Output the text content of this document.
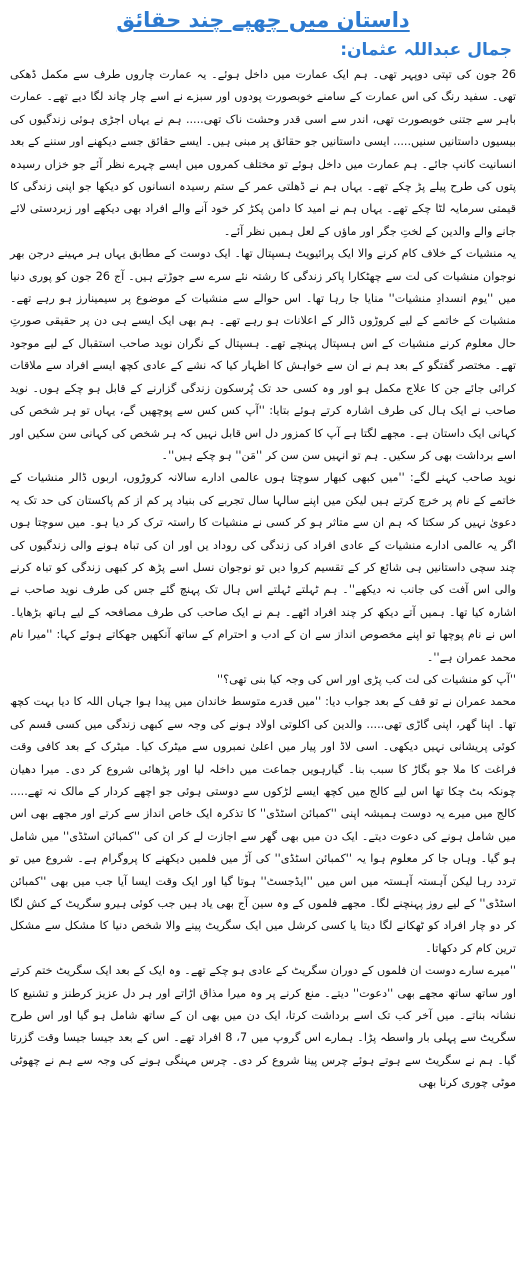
داستان میں چھپے چند حقائق
جمال عبداللہ عثمان:

26 جون کی تپتی دوپہر تھی۔ ہم ایک عمارت میں داخل ہوئے۔ یہ عمارت چاروں طرف سے مکمل ڈھکی تھی۔ سفید رنگ کی اس عمارت کے سامنے خوبصورت پودوں اور سبزے نے اسے چار چاند لگا دیے تھے۔ عمارت باہر سے جتنی خوبصورت تھی، اندر سے اسی قدر وحشت ناک تھی..... ہم نے یہاں اجڑی ہوئی زندگیوں کی بیسیوں داستانیں سنیں..... ایسی داستانیں جو حقائق پر مبنی ہیں۔ ایسے حقائق جسے دیکھنے اور سننے کے بعد انسانیت کانپ جائے۔ ہم عمارت میں داخل ہوئے تو مختلف کمروں میں ایسے چہرے نظر آئے جو خزاں رسیدہ پتوں کی طرح پیلے پڑ چکے تھے۔ یہاں ہم نے ڈھلتی عمر کے ستم رسیدہ انسانوں کو دیکھا جو اپنی زندگی کا قیمتی سرمایہ لٹا چکے تھے۔ یہاں ہم نے امید کا دامن پکڑ کر خود آنے والے افراد بھی دیکھے اور زبردستی لائے جانے والے والدین کے لختِ جگر اور ماؤں کے لعل ہمیں نظر آئے۔

یہ منشیات کے خلاف کام کرنے والا ایک پرائیویٹ ہسپتال تھا۔ ایک دوست کے مطابق یہاں ہر مہینے درجن بھر نوجوان منشیات کی لت سے چھٹکارا پاکر زندگی کا رشتہ نئے سرے سے جوڑتے ہیں۔ آج 26 جون کو پوری دنیا میں ''یوم انسدادِ منشیات'' منایا جا رہا تھا۔ اس حوالے سے منشیات کے موضوع پر سیمینارز ہو رہے تھے۔ منشیات کے خاتمے کے لیے کروڑوں ڈالر کے اعلانات ہو رہے تھے۔ ہم بھی ایک ایسے ہی دن پر حقیقی صورتِ حال معلوم کرنے منشیات کے اس ہسپتال پہنچے تھے۔ ہسپتال کے نگران نوید صاحب استقبال کے لیے موجود تھے۔ مختصر گفتگو کے بعد ہم نے ان سے خواہش کا اظہار کیا کہ نشے کے عادی کچھ ایسے افراد سے ملاقات کرائی جائے جن کا علاج مکمل ہو اور وہ کسی حد تک پُرسکون زندگی گزارنے کے قابل ہو چکے ہوں۔ نوید صاحب نے ایک ہال کی طرف اشارہ کرتے ہوئے بتایا: ''آپ کس کس سے پوچھیں گے، یہاں تو ہر شخص کی کہانی ایک داستان ہے۔ مجھے لگتا ہے آپ کا کمزور دل اس قابل نہیں کہ ہر شخص کی کہانی سن سکیں اور اسے برداشت بھی کر سکیں۔ ہم تو انہیں سن سن کر ''مَن'' ہو چکے ہیں''۔

نوید صاحب کہنے لگے: ''میں کبھی کبھار سوچتا ہوں عالمی ادارے سالانہ کروڑوں، اربوں ڈالر منشیات کے خاتمے کے نام پر خرچ کرتے ہیں لیکن میں اپنے سالہا سال تجربے کی بنیاد پر کم از کم پاکستان کی حد تک یہ دعویٰ نہیں کر سکتا کہ ہم ان سے متاثر ہو کر کسی نے منشیات کا راستہ ترک کر دیا ہو۔ میں سوچتا ہوں اگر یہ عالمی ادارے منشیات کے عادی افراد کی زندگی کی روداد یں اور ان کی تباہ ہونے والی زندگیوں کی چند سچی داستانیں ہی شائع کر کے تقسیم کروا دیں تو نوجوان نسل اسے پڑھ کر کبھی زندگی کو تباہ کرنے والی اس آفت کی جانب نہ دیکھے''۔ ہم ٹہلتے ٹہلتے اس ہال تک پہنچ گئے جس کی طرف نوید صاحب نے اشارہ کیا تھا۔ ہمیں آتے دیکھ کر چند افراد اٹھے۔ ہم نے ایک صاحب کی طرف مصافحہ کے لیے ہاتھ بڑھایا۔ اس نے نام پوچھا تو اپنے مخصوص انداز سے ان کے ادب و احترام کے ساتھ آنکھیں جھکاتے ہوئے کہا: ''میرا نام محمد عمران ہے''۔

''آپ کو منشیات کی لت کب پڑی اور اس کی وجہ کیا بنی تھی؟''

محمد عمران نے تو قف کے بعد جواب دیا: ''میں قدرے متوسط خاندان میں پیدا ہوا جہاں اللہ کا دیا بہت کچھ تھا۔ اپنا گھر، اپنی گاڑی تھی..... والدین کی اکلوتی اولاد ہونے کی وجہ سے کبھی زندگی میں کسی قسم کی کوئی پریشانی نہیں دیکھی۔ اسی لاڈ اور پیار میں اعلیٰ نمبروں سے میٹرک کیا۔ میٹرک کے بعد کافی وقت فراغت کا ملا جو بگاڑ کا سبب بنا۔ گیارہویں جماعت میں داخلہ لیا اور پڑھائی شروع کر دی۔ میرا دھیان چونکہ بٹ چکا تھا اس لیے کالج میں کچھ ایسے لڑکوں سے دوستی ہوئی جو اچھے کردار کے مالک نہ تھے..... کالج میں میرے یہ دوست ہمیشہ اپنی ''کمبائن اسٹڈی'' کا تذکرہ ایک خاص انداز سے کرتے اور مجھے بھی اس میں شامل ہونے کی دعوت دیتے۔ ایک دن میں بھی گھر سے اجازت لے کر ان کی ''کمبائن اسٹڈی'' میں شامل ہو گیا۔ وہاں جا کر معلوم ہوا یہ ''کمبائن اسٹڈی'' کی آڑ میں فلمیں دیکھنے کا پروگرام ہے۔ شروع میں تو تردد رہا لیکن آہستہ آہستہ میں اس میں ''ایڈجسٹ'' ہوتا گیا اور ایک وقت ایسا آیا جب میں بھی ''کمبائن اسٹڈی'' کے لیے روز پہنچنے لگا۔ مجھے فلموں کے وہ سین آج بھی یاد ہیں جب کوئی ہیرو سگریٹ کے کش لگا کر دو چار افراد کو ٹھکانے لگا دیتا یا کسی کرشل میں ایک سگریٹ پینے والا شخص دنیا کا مشکل سے مشکل ترین کام کر دکھاتا۔

''میرے سارے دوست ان فلموں کے دوران سگریٹ کے عادی ہو چکے تھے۔ وہ ایک کے بعد ایک سگریٹ ختم کرتے اور ساتھ ساتھ مجھے بھی ''دعوت'' دیتے۔ منع کرنے پر وہ میرا مذاق اڑاتے اور ہر دل عزیز کرطنز و تشنیع کا نشانہ بناتے۔ میں آخر کب تک اسے برداشت کرتا، ایک دن میں بھی ان کے ساتھ شامل ہو گیا اور اس طرح سگریٹ سے پہلی بار واسطہ پڑا۔ ہمارے اس گروپ میں 7، 8 افراد تھے۔ اس کے بعد جیسا جیسا وقت گزرتا گیا۔ ہم نے سگریٹ سے ہوتے ہوئے چرس پینا شروع کر دی۔ چرس مہنگی ہونے کی وجہ سے ہم نے چھوٹی موٹی چوری کرنا بھی
